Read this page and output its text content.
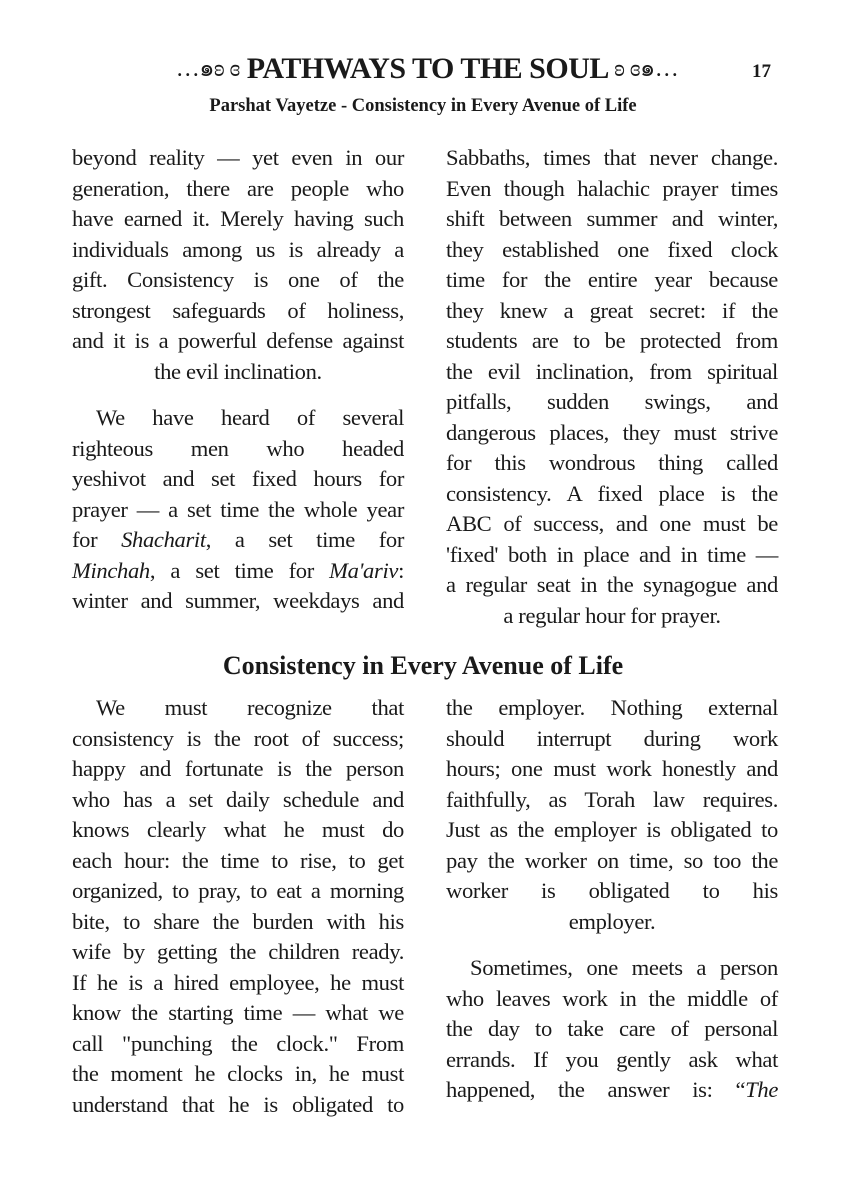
…๑ʚ ɞ PATHWAYS TO THE SOUL ʚ ɞ๑…	17
Parshat Vayetze - Consistency in Every Avenue of Life

beyond reality — yet even in our
generation, there are people who
have earned it. Merely having such
individuals among us is already a
gift. Consistency is one of the
strongest safeguards of holiness,
and it is a powerful defense against
the evil inclination.

We have heard of several
righteous men who headed
yeshivot and set fixed hours for
prayer — a set time the whole year
for Shacharit, a set time for
Minchah, a set time for Ma'ariv:
winter and summer, weekdays and

Sabbaths, times that never change.
Even though halachic prayer times
shift between summer and winter,
they established one fixed clock
time for the entire year because
they knew a great secret: if the
students are to be protected from
the evil inclination, from spiritual
pitfalls, sudden swings, and
dangerous places, they must strive
for this wondrous thing called
consistency. A fixed place is the
ABC of success, and one must be
'fixed' both in place and in time —
a regular seat in the synagogue and
a regular hour for prayer.

Consistency in Every Avenue of Life

We must recognize that
consistency is the root of success;
happy and fortunate is the person
who has a set daily schedule and
knows clearly what he must do
each hour: the time to rise, to get
organized, to pray, to eat a morning
bite, to share the burden with his
wife by getting the children ready.
If he is a hired employee, he must
know the starting time — what we
call "punching the clock." From
the moment he clocks in, he must
understand that he is obligated to

the employer. Nothing external
should interrupt during work
hours; one must work honestly and
faithfully, as Torah law requires.
Just as the employer is obligated to
pay the worker on time, so too the
worker is obligated to his
employer.

Sometimes, one meets a person
who leaves work in the middle of
the day to take care of personal
errands. If you gently ask what
happened, the answer is: “The
